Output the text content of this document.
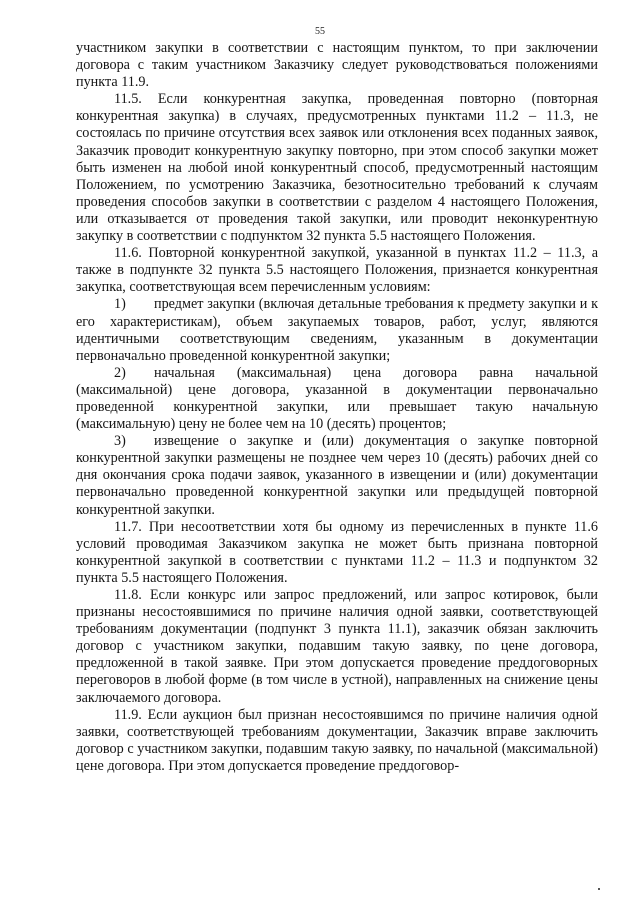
55

участником закупки в соответствии с настоящим пунктом, то при заключении договора с таким участником Заказчику следует руководствоваться положениями пункта 11.9.

11.5. Если конкурентная закупка, проведенная повторно (повторная конкурентная закупка) в случаях, предусмотренных пунктами 11.2 – 11.3, не состоялась по причине отсутствия всех заявок или отклонения всех поданных заявок, Заказчик проводит конкурентную закупку повторно, при этом способ закупки может быть изменен на любой иной конкурентный способ, предусмотренный настоящим Положением, по усмотрению Заказчика, безотносительно требований к случаям проведения способов закупки в соответствии с разделом 4 настоящего Положения, или отказывается от проведения такой закупки, или проводит неконкурентную закупку в соответствии с подпунктом 32 пункта 5.5 настоящего Положения.

11.6. Повторной конкурентной закупкой, указанной в пунктах 11.2 – 11.3, а также в подпункте 32 пункта 5.5 настоящего Положения, признается конкурентная закупка, соответствующая всем перечисленным условиям:

1) предмет закупки (включая детальные требования к предмету закупки и к его характеристикам), объем закупаемых товаров, работ, услуг, являются идентичными соответствующим сведениям, указанным в документации первоначально проведенной конкурентной закупки;

2) начальная (максимальная) цена договора равна начальной (максимальной) цене договора, указанной в документации первоначально проведенной конкурентной закупки, или превышает такую начальную (максимальную) цену не более чем на 10 (десять) процентов;

3) извещение о закупке и (или) документация о закупке повторной конкурентной закупки размещены не позднее чем через 10 (десять) рабочих дней со дня окончания срока подачи заявок, указанного в извещении и (или) документации первоначально проведенной конкурентной закупки или предыдущей повторной конкурентной закупки.

11.7. При несоответствии хотя бы одному из перечисленных в пункте 11.6 условий проводимая Заказчиком закупка не может быть признана повторной конкурентной закупкой в соответствии с пунктами 11.2 – 11.3 и подпунктом 32 пункта 5.5 настоящего Положения.

11.8. Если конкурс или запрос предложений, или запрос котировок, были признаны несостоявшимися по причине наличия одной заявки, соответствующей требованиям документации (подпункт 3 пункта 11.1), заказчик обязан заключить договор с участником закупки, подавшим такую заявку, по цене договора, предложенной в такой заявке. При этом допускается проведение преддоговорных переговоров в любой форме (в том числе в устной), направленных на снижение цены заключаемого договора.

11.9. Если аукцион был признан несостоявшимся по причине наличия одной заявки, соответствующей требованиям документации, Заказчик вправе заключить договор с участником закупки, подавшим такую заявку, по начальной (максимальной) цене договора. При этом допускается проведение преддоговор-
